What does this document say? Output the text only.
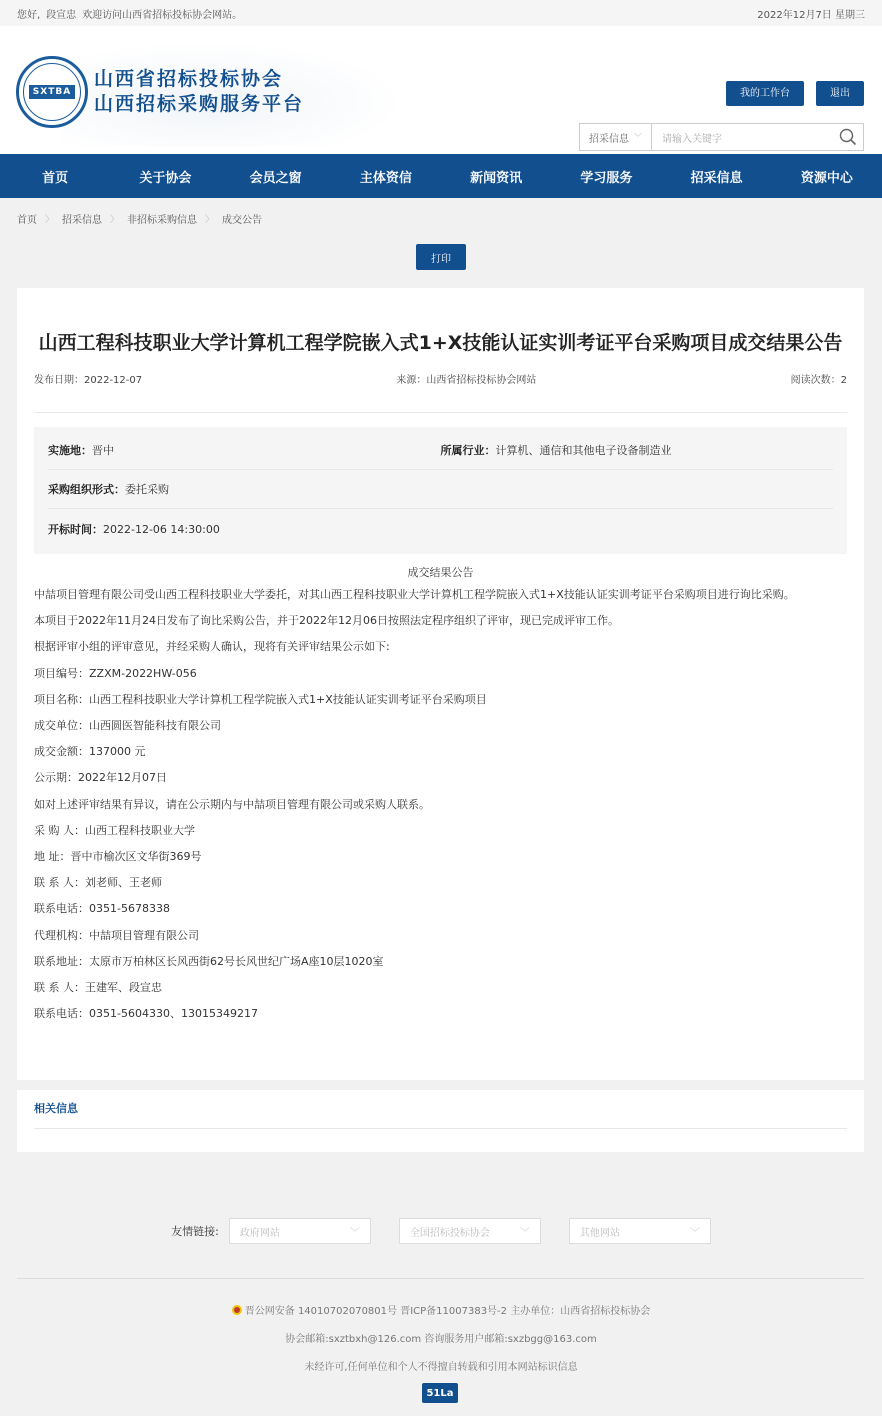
您好, 段宣忠 欢迎访问山西省招标投标协会网站。	2022年12月7日 星期三
SXTBA
山西省招标投标协会
山西招标采购服务平台	我的工作台	退出
招采信息 ﹀	请输入关键字
首页	关于协会	会员之窗	主体资信	新闻资讯	学习服务	招采信息	资源中心
首页 〉 招采信息 〉 非招标采购信息 〉 成交公告
打印
山西工程科技职业大学计算机工程学院嵌入式1+X技能认证实训考证平台采购项目成交结果公告
发布日期：2022-12-07	来源：山西省招标投标协会网站	阅读次数：2
实施地：晋中	所属行业：计算机、通信和其他电子设备制造业
采购组织形式：委托采购
开标时间：2022-12-06 14:30:00
成交结果公告

中喆项目管理有限公司受山西工程科技职业大学委托，对其山西工程科技职业大学计算机工程学院嵌入式1+X技能认证实训考证平台采购项目进行询比采购。

本项目于2022年11月24日发布了询比采购公告，并于2022年12月06日按照法定程序组织了评审，现已完成评审工作。

根据评审小组的评审意见，并经采购人确认，现将有关评审结果公示如下:

项目编号：ZZXM-2022HW-056

项目名称：山西工程科技职业大学计算机工程学院嵌入式1+X技能认证实训考证平台采购项目

成交单位：山西圆医智能科技有限公司

成交金额：137000 元

公示期：2022年12月07日

如对上述评审结果有异议，请在公示期内与中喆项目管理有限公司或采购人联系。

采 购 人：山西工程科技职业大学

地 址：晋中市榆次区文华街369号

联 系 人：刘老师、王老师

联系电话：0351-5678338

代理机构：中喆项目管理有限公司

联系地址：太原市万柏林区长风西街62号长风世纪广场A座10层1020室

联 系 人：王建军、段宣忠

联系电话：0351-5604330、13015349217

相关信息
友情链接: 政府网站	﹀	全国招标投标协会	﹀	其他网站	﹀
晋公网安备 14010702070801号 晋ICP备11007383号-2 主办单位：山西省招标投标协会
协会邮箱:sxztbxh@126.com 咨询服务用户邮箱:sxzbgg@163.com
未经许可,任何单位和个人不得擅自转载和引用本网站标识信息
51La
